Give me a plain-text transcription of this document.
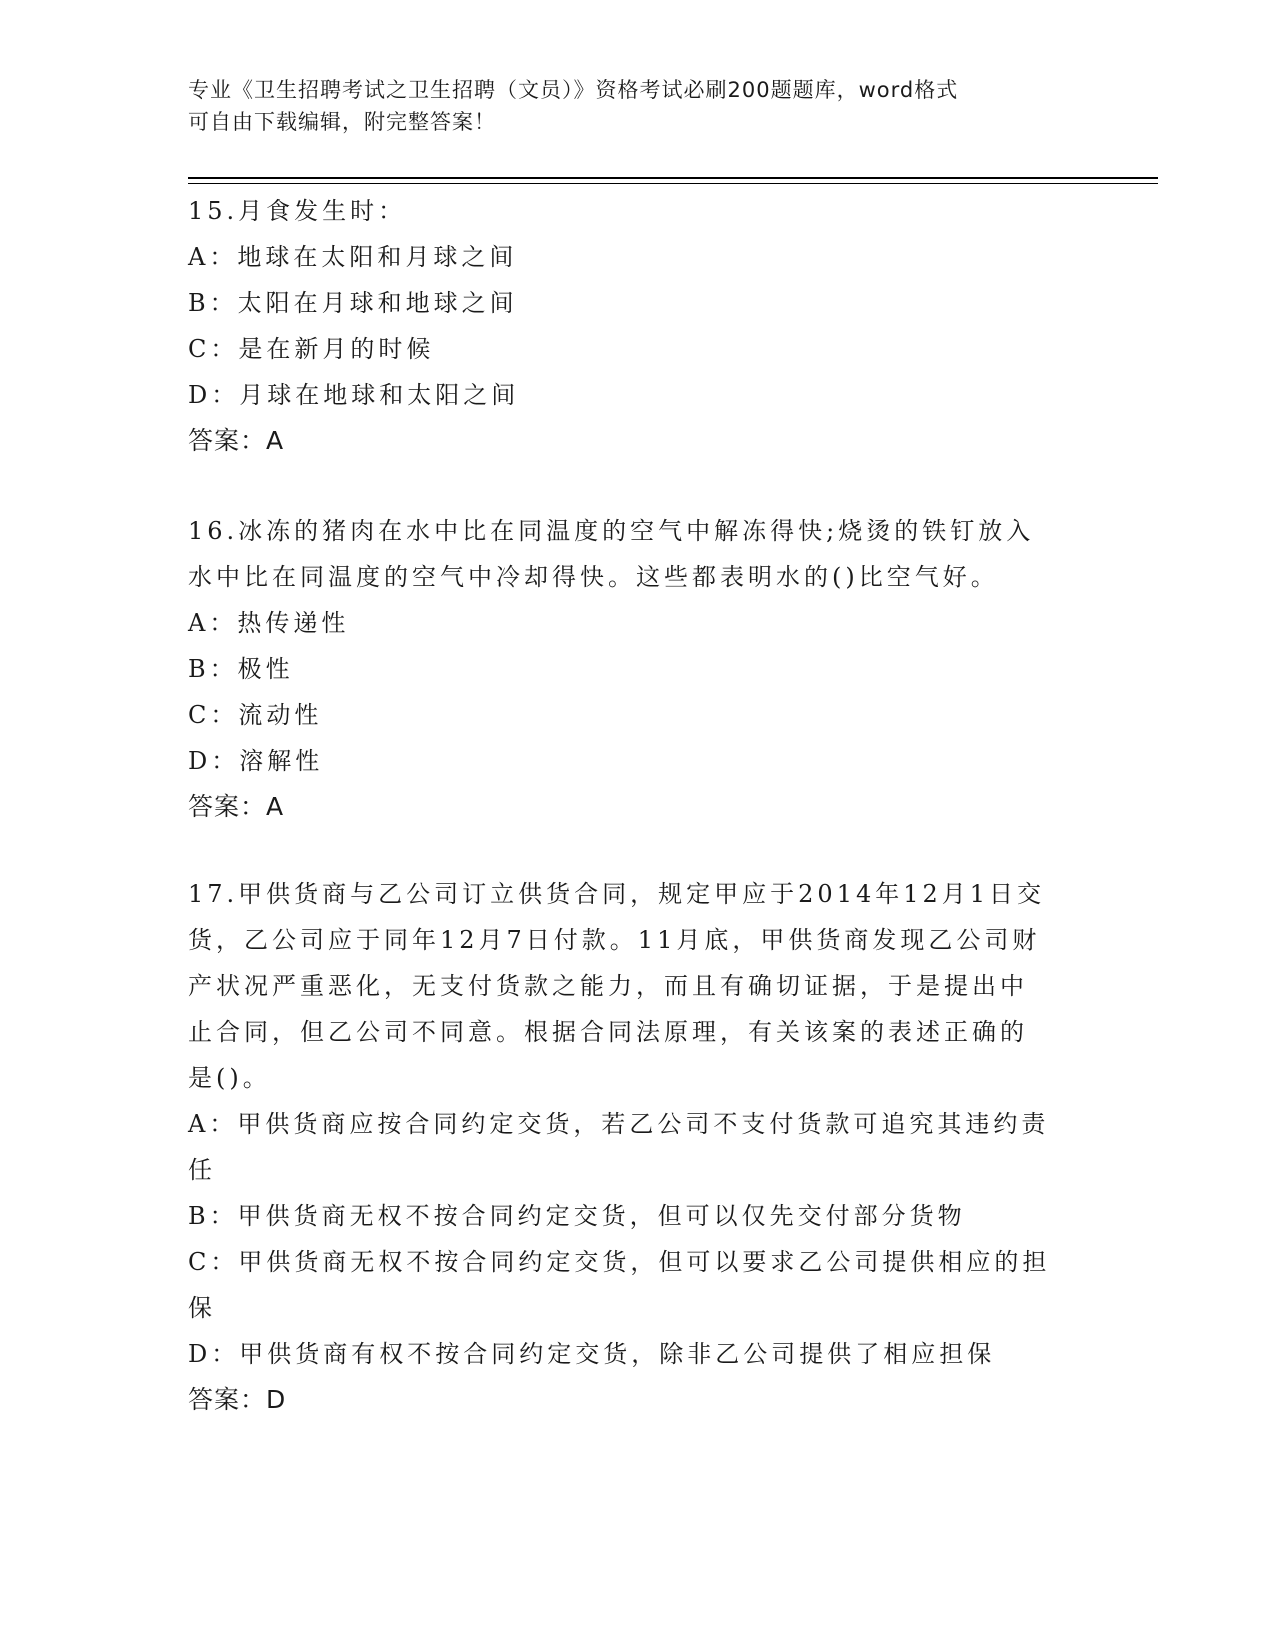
专业《卫生招聘考试之卫生招聘（文员）》资格考试必刷200题题库，word格式
可自由下载编辑，附完整答案！
15.月食发生时：
A：地球在太阳和月球之间
B：太阳在月球和地球之间
C：是在新月的时候
D：月球在地球和太阳之间
答案：A
16.冰冻的猪肉在水中比在同温度的空气中解冻得快;烧烫的铁钉放入
水中比在同温度的空气中冷却得快。这些都表明水的()比空气好。
A：热传递性
B：极性
C：流动性
D：溶解性
答案：A
17.甲供货商与乙公司订立供货合同，规定甲应于2014年12月1日交
货，乙公司应于同年12月7日付款。11月底，甲供货商发现乙公司财
产状况严重恶化，无支付货款之能力，而且有确切证据，于是提出中
止合同，但乙公司不同意。根据合同法原理，有关该案的表述正确的
是()。
A：甲供货商应按合同约定交货，若乙公司不支付货款可追究其违约责
任
B：甲供货商无权不按合同约定交货，但可以仅先交付部分货物
C：甲供货商无权不按合同约定交货，但可以要求乙公司提供相应的担
保
D：甲供货商有权不按合同约定交货，除非乙公司提供了相应担保
答案：D
